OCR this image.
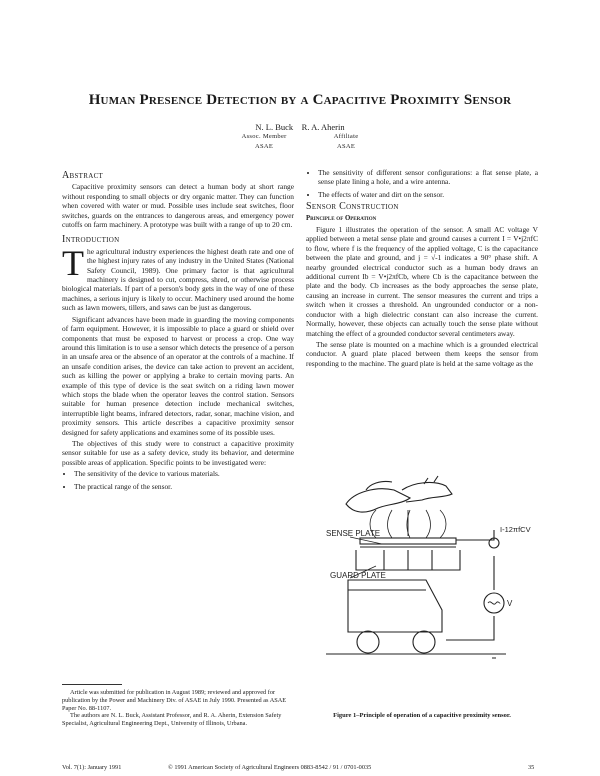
Human Presence Detection by a Capacitive Proximity Sensor
N. L. Buck    R. A. Aherin
Assoc. Member
ASAE
Affiliate
ASAE
Abstract

Capacitive proximity sensors can detect a human body at short range without responding to small objects or dry organic matter. They can function when covered with water or mud. Possible uses include seat switches, floor switches, guards on the entrances to dangerous areas, and emergency power cutoffs on farm machinery. A prototype was built with a range of up to 20 cm.

Introduction

The agricultural industry experiences the highest death rate and one of the highest injury rates of any industry in the United States (National Safety Council, 1989). One primary factor is that agricultural machinery is designed to cut, compress, shred, or otherwise process biological materials. If part of a person's body gets in the way of one of these machines, a serious injury is likely to occur. Machinery used around the home such as lawn mowers, tillers, and saws can be just as dangerous.

Significant advances have been made in guarding the moving components of farm equipment. However, it is impossible to place a guard or shield over components that must be exposed to harvest or process a crop. One way around this limitation is to use a sensor which detects the presence of a person in an unsafe area or the absence of an operator at the controls of a machine. If an unsafe condition arises, the device can take action to prevent an accident, such as killing the power or applying a brake to certain moving parts. An example of this type of device is the seat switch on a riding lawn mower which stops the blade when the operator leaves the control station. Sensors suitable for human presence detection include mechanical switches, interruptible light beams, infrared detectors, radar, sonar, machine vision, and proximity sensors. This article describes a capacitive proximity sensor designed for safety applications and examines some of its possible uses.

The objectives of this study were to construct a capacitive proximity sensor suitable for use as a safety device, study its behavior, and determine possible areas of application. Specific points to be investigated were:

• The sensitivity of the device to various materials.
• The practical range of the sensor.
Article was submitted for publication in August 1989; reviewed and approved for publication by the Power and Machinery Div. of ASAE in July 1990. Presented as ASAE Paper No. 88-1107.
The authors are N. L. Buck, Assistant Professor, and R. A. Aherin, Extension Safety Specialist, Agricultural Engineering Dept., University of Illinois, Urbana.
• The sensitivity of different sensor configurations: a flat sense plate, a sense plate lining a hole, and a wire antenna.
• The effects of water and dirt on the sensor.
Sensor Construction
Principle of Operation

Figure 1 illustrates the operation of the sensor. A small AC voltage V applied between a metal sense plate and ground causes a current I = V•j2πfC to flow, where f is the frequency of the applied voltage, C is the capacitance between the plate and ground, and j = √-1 indicates a 90° phase shift. A nearby grounded electrical conductor such as a human body draws an additional current Ib = V•j2πfCb, where Cb is the capacitance between the plate and the body. Cb increases as the body approaches the sense plate, causing an increase in current. The sensor measures the current and trips a switch when it crosses a threshold. An ungrounded conductor or a non-conductor with a high dielectric constant can also increase the current. Normally, however, these objects can actually touch the sense plate without matching the effect of a grounded conductor several centimeters away.

The sense plate is mounted on a machine which is a grounded electrical conductor. A guard plate placed between them keeps the sensor from responding to the machine. The guard plate is held at the same voltage as the

SENSE PLATE
GUARD PLATE
I-12πfCV
V
Figure 1–Principle of operation of a capacitive proximity sensor.
Vol. 7(1): January 1991	© 1991 American Society of Agricultural Engineers 0883-8542 / 91 / 0701-0035	35
